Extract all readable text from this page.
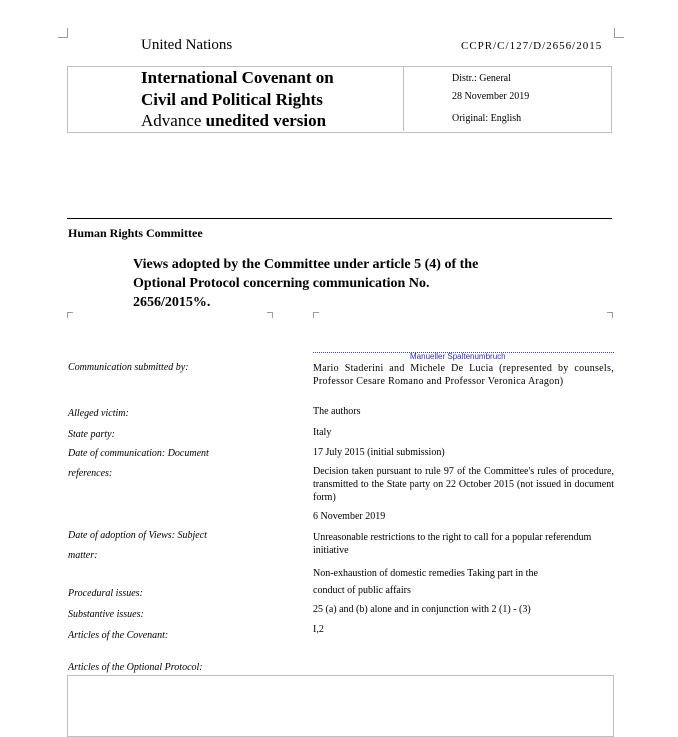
United Nations	CCPR/C/127/D/2656/2015
International Covenant on
Civil and Political Rights
Advance unedited version
Distr.: General
28 November 2019
Original: English
Human Rights Committee
Views adopted by the Committee under article 5 (4) of the
Optional Protocol concerning communication No.
2656/2015%.
Manueller Spaltenumbruch
Communication submitted by:
Alleged victim:
State party:
Date of communication: Document
references:
Date of adoption of Views: Subject
matter:
Procedural issues:
Substantive issues:
Articles of the Covenant:
Articles of the Optional Protocol:
Mario Staderini and Michele De Lucia (represented by counsels, Professor Cesare Romano and Professor Veronica Aragon)
The authors
Italy
17 July 2015 (initial submission)
Decision taken pursuant to rule 97 of the Committee's rules of procedure, transmitted to the State party on 22 October 2015 (not issued in document form)
6 November 2019
Unreasonable restrictions to the right to call for a popular referendum initiative
Non-exhaustion of domestic remedies Taking part in the
conduct of public affairs
25 (a) and (b) alone and in conjunction with 2 (1) - (3)
I,2
